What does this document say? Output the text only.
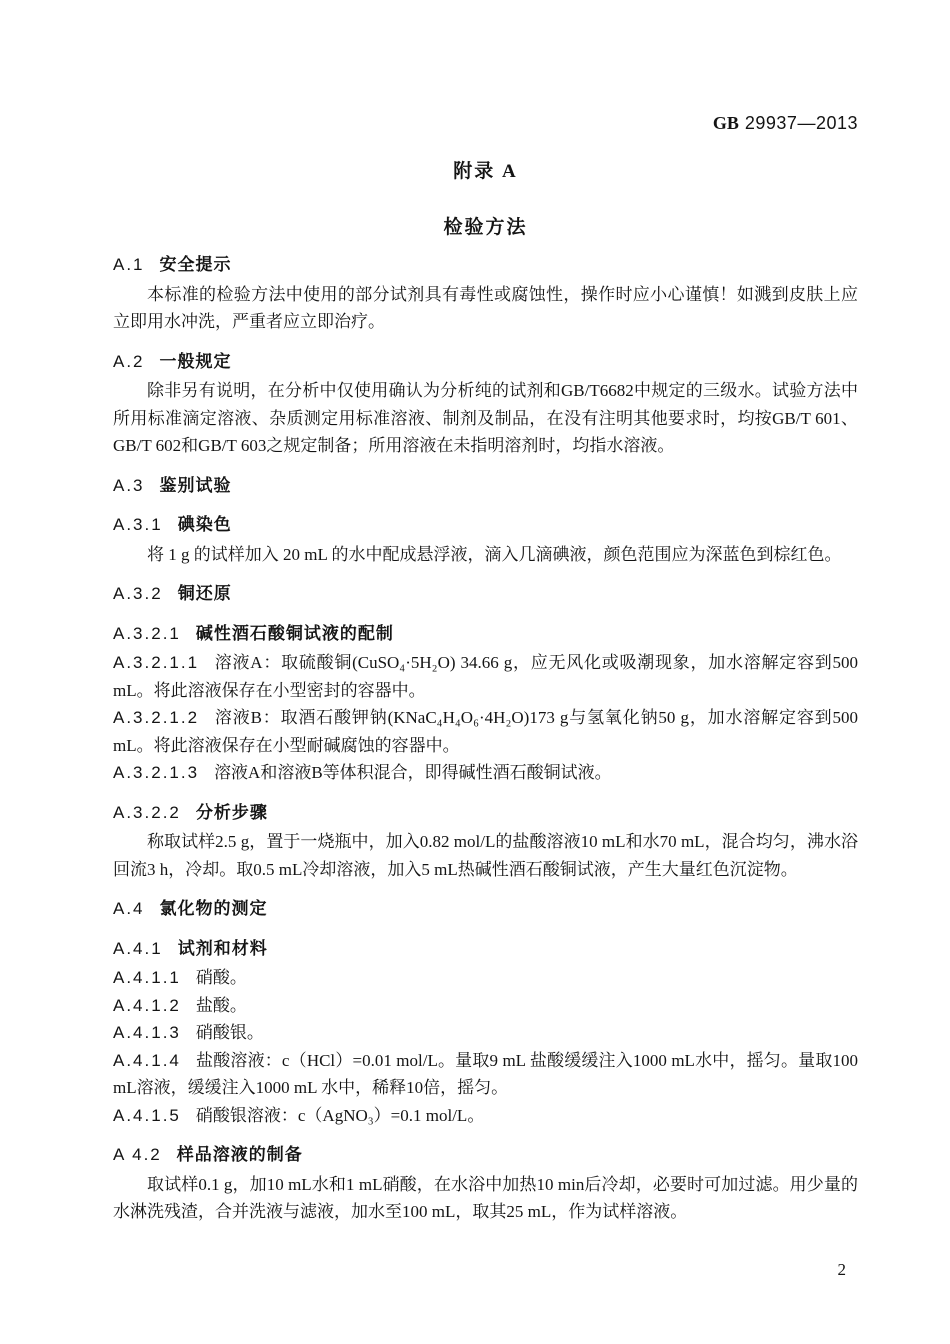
GB 29937—2013
附录 A
检验方法
A.1 安全提示

本标准的检验方法中使用的部分试剂具有毒性或腐蚀性，操作时应小心谨慎！如溅到皮肤上应立即用水冲洗，严重者应立即治疗。

A.2 一般规定

除非另有说明，在分析中仅使用确认为分析纯的试剂和GB/T6682中规定的三级水。试验方法中所用标准滴定溶液、杂质测定用标准溶液、制剂及制品，在没有注明其他要求时，均按GB/T 601、GB/T 602和GB/T 603之规定制备；所用溶液在未指明溶剂时，均指水溶液。

A.3 鉴别试验
A.3.1 碘染色

将 1 g 的试样加入 20 mL 的水中配成悬浮液，滴入几滴碘液，颜色范围应为深蓝色到棕红色。

A.3.2 铜还原
A.3.2.1 碱性酒石酸铜试液的配制

A.3.2.1.1 溶液A：取硫酸铜(CuSO₄·5H₂O) 34.66 g，应无风化或吸潮现象，加水溶解定容到500 mL。将此溶液保存在小型密封的容器中。

A.3.2.1.2 溶液B：取酒石酸钾钠(KNaC₄H₄O₆·4H₂O)173 g与氢氧化钠50 g，加水溶解定容到500 mL。将此溶液保存在小型耐碱腐蚀的容器中。

A.3.2.1.3 溶液A和溶液B等体积混合，即得碱性酒石酸铜试液。

A.3.2.2 分析步骤

称取试样2.5 g，置于一烧瓶中，加入0.82 mol/L的盐酸溶液10 mL和水70 mL，混合均匀，沸水浴回流3 h，冷却。取0.5 mL冷却溶液，加入5 mL热碱性酒石酸铜试液，产生大量红色沉淀物。

A.4 氯化物的测定
A.4.1 试剂和材料

A.4.1.1 硝酸。

A.4.1.2 盐酸。

A.4.1.3 硝酸银。

A.4.1.4 盐酸溶液：c（HCl）=0.01 mol/L。量取9 mL 盐酸缓缓注入1000 mL水中，摇匀。量取100 mL溶液，缓缓注入1000 mL 水中，稀释10倍，摇匀。

A.4.1.5 硝酸银溶液：c（AgNO₃）=0.1 mol/L。

A 4.2 样品溶液的制备

取试样0.1 g，加10 mL水和1 mL硝酸，在水浴中加热10 min后冷却，必要时可加过滤。用少量的水淋洗残渣，合并洗液与滤液，加水至100 mL，取其25 mL，作为试样溶液。

2
